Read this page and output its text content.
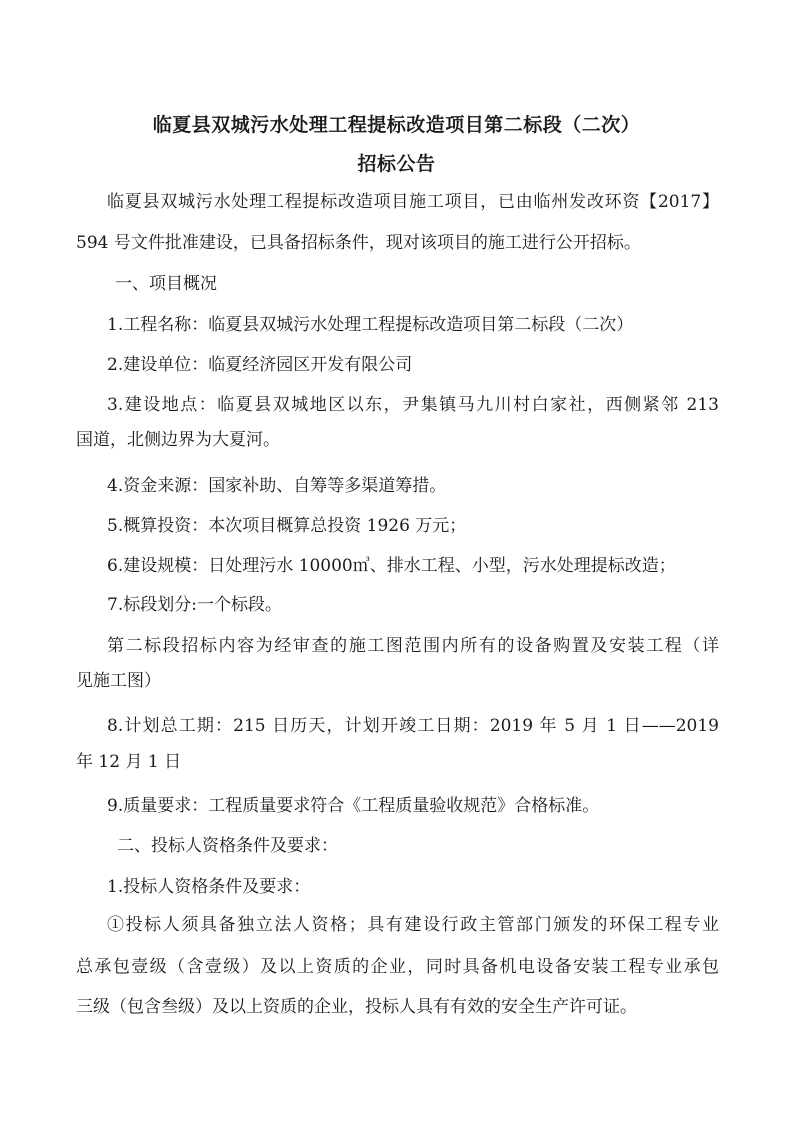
临夏县双城污水处理工程提标改造项目第二标段（二次）
招标公告
临夏县双城污水处理工程提标改造项目施工项目，已由临州发改环资【2017】
594 号文件批准建设，已具备招标条件，现对该项目的施工进行公开招标。
一、项目概况
1.工程名称：临夏县双城污水处理工程提标改造项目第二标段（二次）
2.建设单位：临夏经济园区开发有限公司
3.建设地点：临夏县双城地区以东，尹集镇马九川村白家社，西侧紧邻 213
国道，北侧边界为大夏河。
4.资金来源：国家补助、自筹等多渠道筹措。
5.概算投资：本次项目概算总投资 1926 万元；
6.建设规模：日处理污水 10000㎥、排水工程、小型，污水处理提标改造；
7.标段划分:一个标段。
第二标段招标内容为经审查的施工图范围内所有的设备购置及安装工程（详
见施工图）
8.计划总工期：215 日历天，计划开竣工日期：2019 年 5 月 1 日——2019
年 12 月 1 日
9.质量要求：工程质量要求符合《工程质量验收规范》合格标准。
二、投标人资格条件及要求：
1.投标人资格条件及要求：
①投标人须具备独立法人资格；具有建设行政主管部门颁发的环保工程专业
总承包壹级（含壹级）及以上资质的企业，同时具备机电设备安装工程专业承包
三级（包含叁级）及以上资质的企业，投标人具有有效的安全生产许可证。
